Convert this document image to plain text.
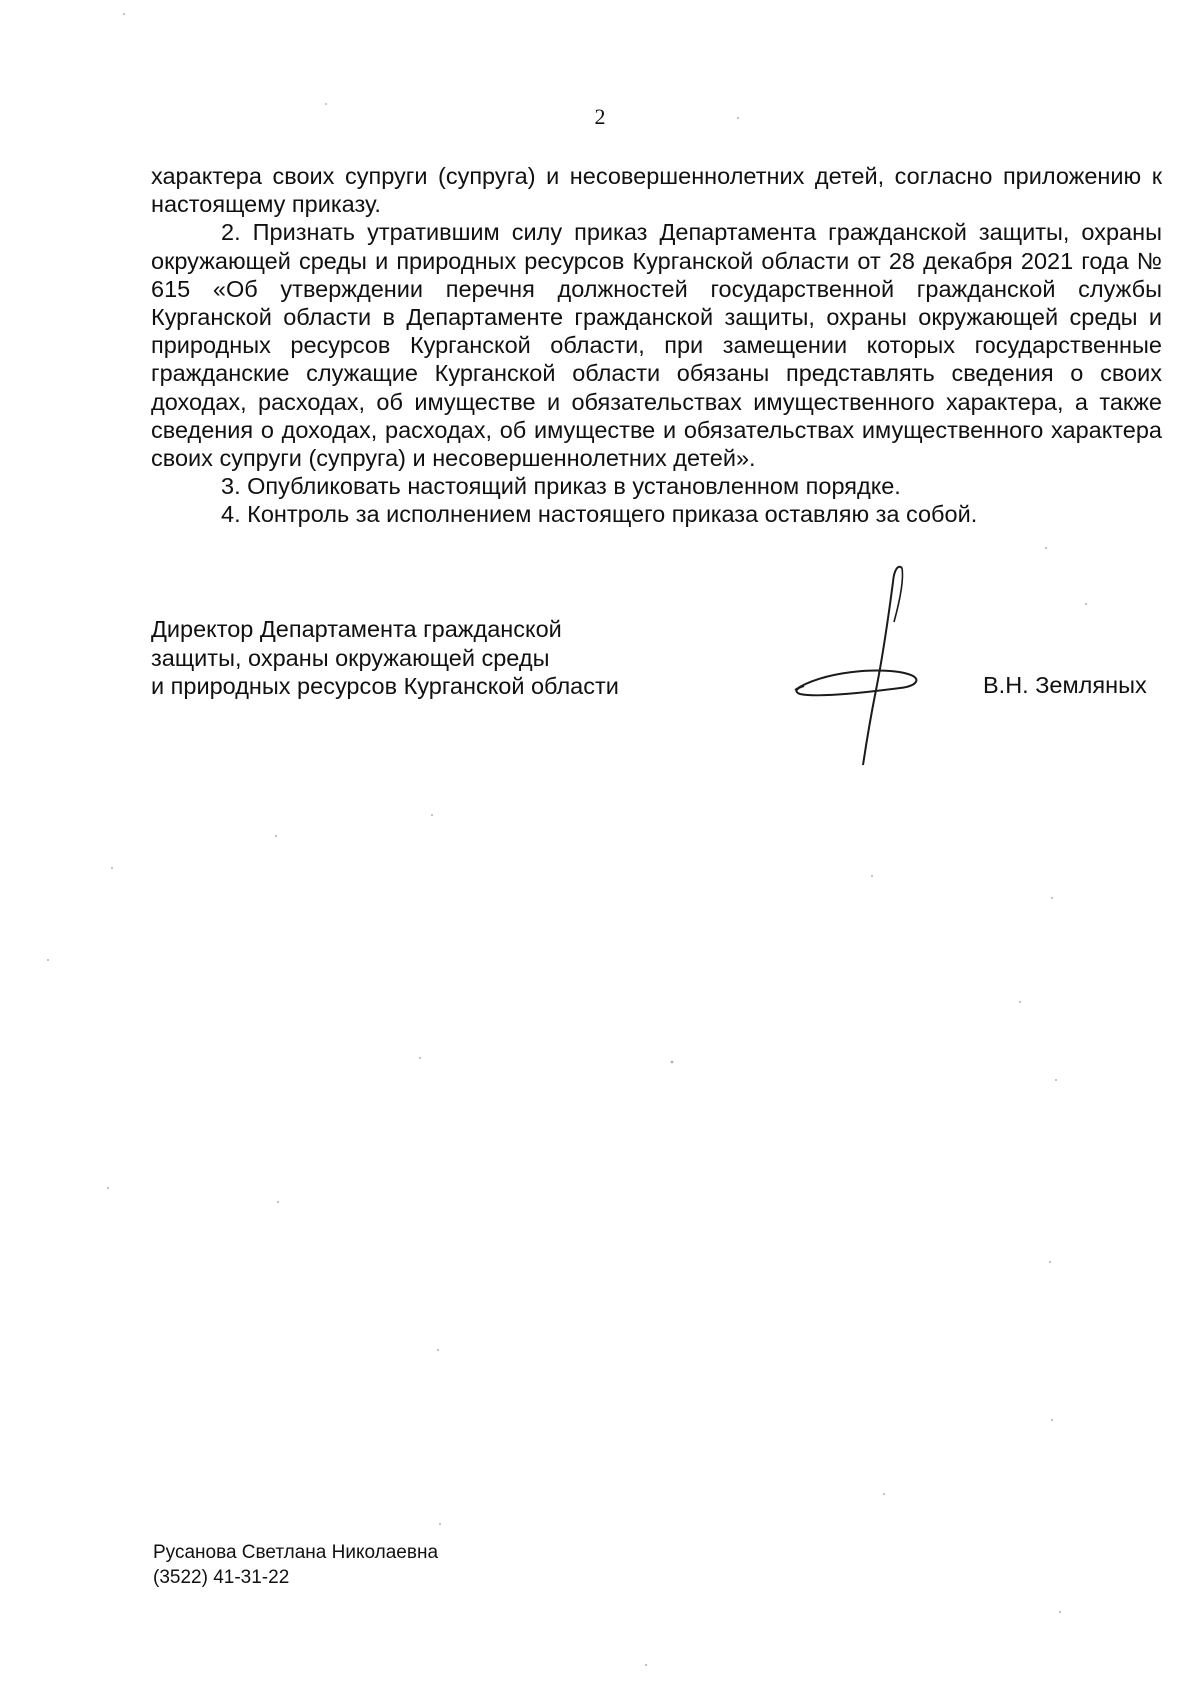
2

характера своих супруги (супруга) и несовершеннолетних детей, согласно приложению к настоящему приказу.

2. Признать утратившим силу приказ Департамента гражданской защиты, охраны окружающей среды и природных ресурсов Курганской области от 28 декабря 2021 года № 615 «Об утверждении перечня должностей государственной гражданской службы Курганской области в Департаменте гражданской защиты, охраны окружающей среды и природных ресурсов Курганской области, при замещении которых государственные гражданские служащие Курганской области обязаны представлять сведения о своих доходах, расходах, об имуществе и обязательствах имущественного характера, а также сведения о доходах, расходах, об имуществе и обязательствах имущественного характера своих супруги (супруга) и несовершеннолетних детей».

3. Опубликовать настоящий приказ в установленном порядке.

4. Контроль за исполнением настоящего приказа оставляю за собой.

Директор Департамента гражданской
защиты, охраны окружающей среды
и природных ресурсов Курганской области	В.Н. Земляных
Русанова Светлана Николаевна
(3522) 41-31-22
